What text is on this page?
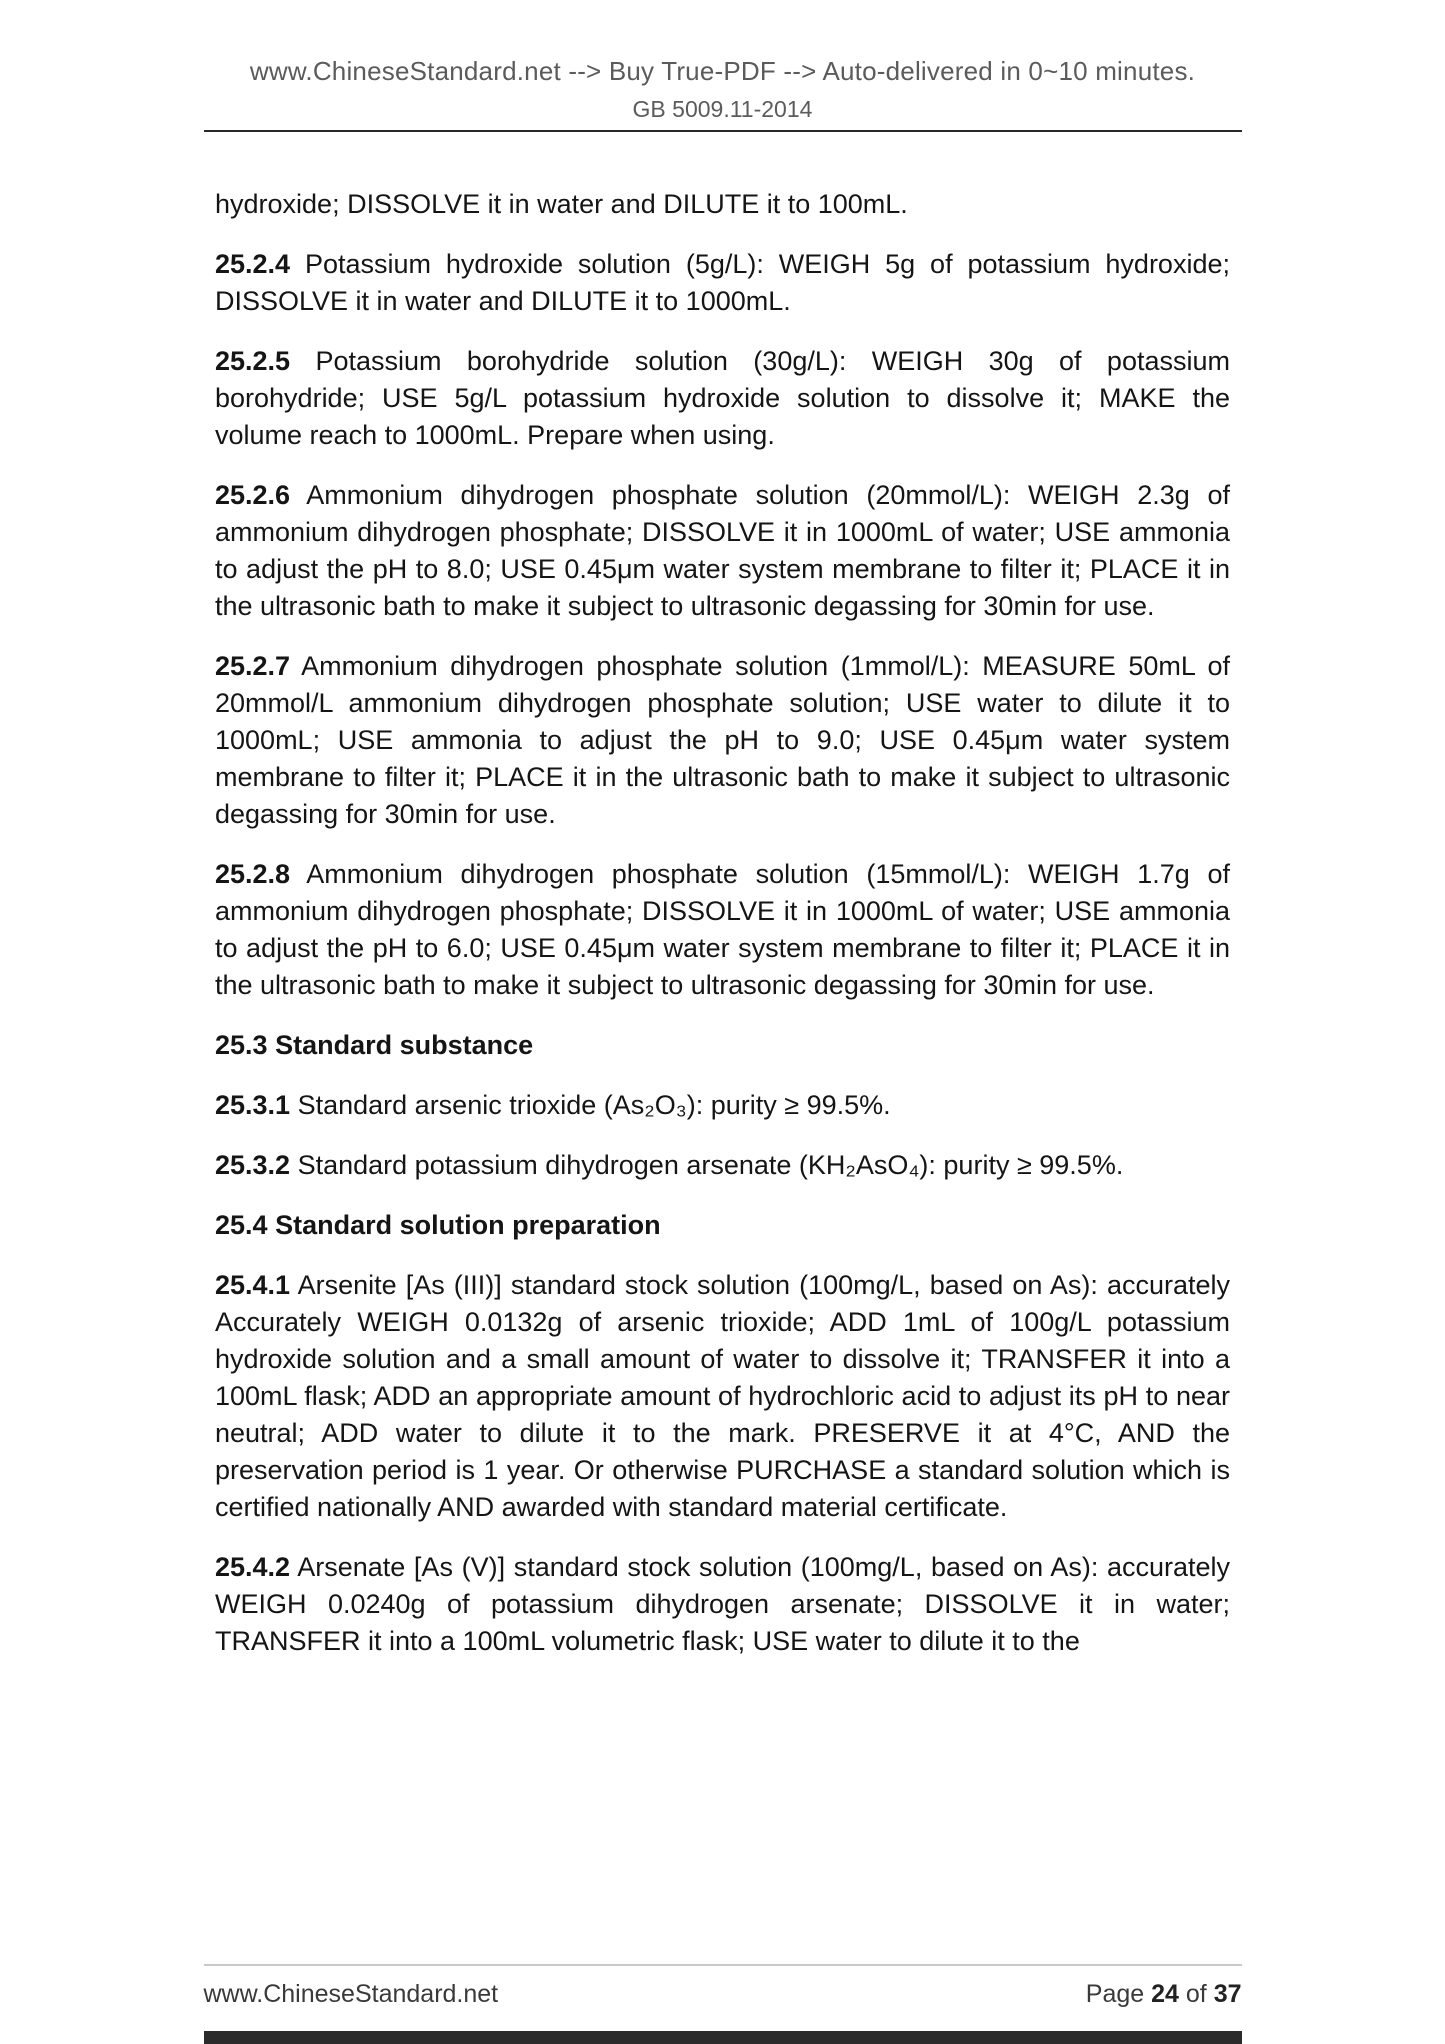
www.ChineseStandard.net --> Buy True-PDF --> Auto-delivered in 0~10 minutes.
GB 5009.11-2014

hydroxide; DISSOLVE it in water and DILUTE it to 100mL.

25.2.4 Potassium hydroxide solution (5g/L): WEIGH 5g of potassium hydroxide; DISSOLVE it in water and DILUTE it to 1000mL.

25.2.5 Potassium borohydride solution (30g/L): WEIGH 30g of potassium borohydride; USE 5g/L potassium hydroxide solution to dissolve it; MAKE the volume reach to 1000mL. Prepare when using.

25.2.6 Ammonium dihydrogen phosphate solution (20mmol/L): WEIGH 2.3g of ammonium dihydrogen phosphate; DISSOLVE it in 1000mL of water; USE ammonia to adjust the pH to 8.0; USE 0.45μm water system membrane to filter it; PLACE it in the ultrasonic bath to make it subject to ultrasonic degassing for 30min for use.

25.2.7 Ammonium dihydrogen phosphate solution (1mmol/L): MEASURE 50mL of 20mmol/L ammonium dihydrogen phosphate solution; USE water to dilute it to 1000mL; USE ammonia to adjust the pH to 9.0; USE 0.45μm water system membrane to filter it; PLACE it in the ultrasonic bath to make it subject to ultrasonic degassing for 30min for use.

25.2.8 Ammonium dihydrogen phosphate solution (15mmol/L): WEIGH 1.7g of ammonium dihydrogen phosphate; DISSOLVE it in 1000mL of water; USE ammonia to adjust the pH to 6.0; USE 0.45μm water system membrane to filter it; PLACE it in the ultrasonic bath to make it subject to ultrasonic degassing for 30min for use.

25.3 Standard substance

25.3.1 Standard arsenic trioxide (As₂O₃): purity ≥ 99.5%.

25.3.2 Standard potassium dihydrogen arsenate (KH₂AsO₄): purity ≥ 99.5%.

25.4 Standard solution preparation

25.4.1 Arsenite [As (III)] standard stock solution (100mg/L, based on As): accurately Accurately WEIGH 0.0132g of arsenic trioxide; ADD 1mL of 100g/L potassium hydroxide solution and a small amount of water to dissolve it; TRANSFER it into a 100mL flask; ADD an appropriate amount of hydrochloric acid to adjust its pH to near neutral; ADD water to dilute it to the mark. PRESERVE it at 4°C, AND the preservation period is 1 year. Or otherwise PURCHASE a standard solution which is certified nationally AND awarded with standard material certificate.

25.4.2 Arsenate [As (V)] standard stock solution (100mg/L, based on As): accurately WEIGH 0.0240g of potassium dihydrogen arsenate; DISSOLVE it in water; TRANSFER it into a 100mL volumetric flask; USE water to dilute it to the

www.ChineseStandard.net	Page 24 of 37
